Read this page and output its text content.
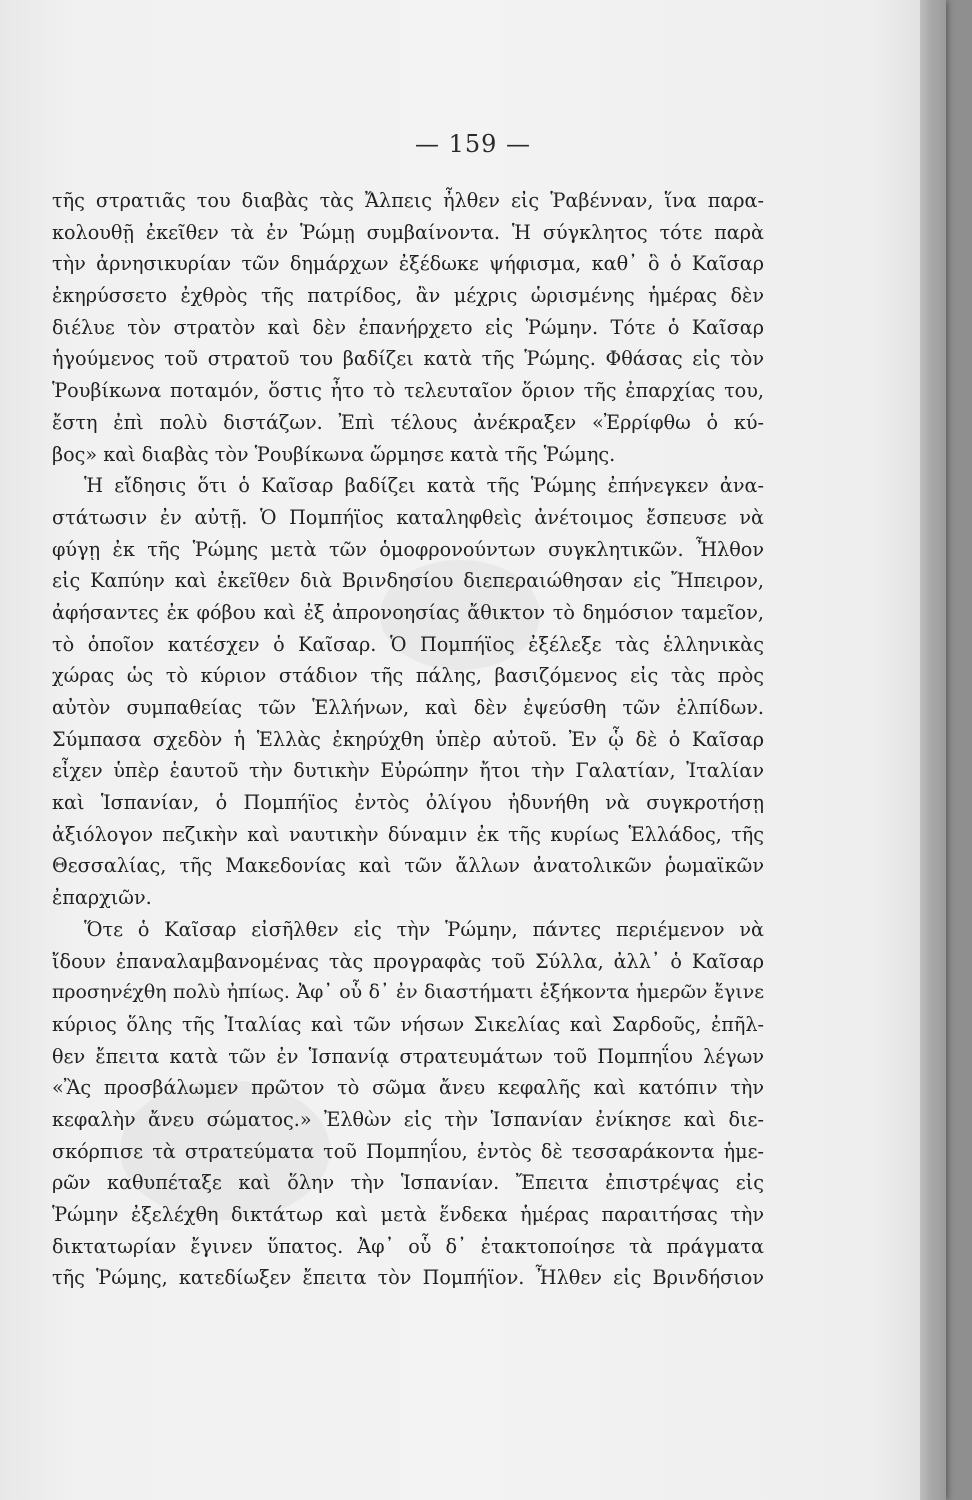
— 159 —
τῆς στρατιᾶς του διαβὰς τὰς Ἄλπεις ἦλθεν εἰς Ῥαβένναν, ἵνα παρα-
κολουθῇ ἐκεῖθεν τὰ ἐν Ῥώμῃ συμβαίνοντα. Ἡ σύγκλητος τότε παρὰ
τὴν ἀρνησικυρίαν τῶν δημάρχων ἐξέδωκε ψήφισμα, καθ᾽ ὃ ὁ Καῖσαρ
ἐκηρύσσετο ἐχθρὸς τῆς πατρίδος, ἂν μέχρις ὡρισμένης ἡμέρας δὲν
διέλυε τὸν στρατὸν καὶ δὲν ἐπανήρχετο εἰς Ῥώμην. Τότε ὁ Καῖσαρ
ἡγούμενος τοῦ στρατοῦ του βαδίζει κατὰ τῆς Ῥώμης. Φθάσας εἰς τὸν
Ῥουβίκωνα ποταμόν, ὅστις ἦτο τὸ τελευταῖον ὅριον τῆς ἐπαρχίας του,
ἔστη ἐπὶ πολὺ διστάζων. Ἐπὶ τέλους ἀνέκραξεν «Ἐρρίφθω ὁ κύ-
βος» καὶ διαβὰς τὸν Ῥουβίκωνα ὥρμησε κατὰ τῆς Ῥώμης.
Ἡ εἴδησις ὅτι ὁ Καῖσαρ βαδίζει κατὰ τῆς Ῥώμης ἐπήνεγκεν ἀνα-
στάτωσιν ἐν αὐτῇ. Ὁ Πομπήϊος καταληφθεὶς ἀνέτοιμος ἔσπευσε νὰ
φύγῃ ἐκ τῆς Ῥώμης μετὰ τῶν ὁμοφρονούντων συγκλητικῶν. Ἦλθον
εἰς Καπύην καὶ ἐκεῖθεν διὰ Βρινδησίου διεπεραιώθησαν εἰς Ἤπειρον,
ἀφήσαντες ἐκ φόβου καὶ ἐξ ἀπρονοησίας ἄθικτον τὸ δημόσιον ταμεῖον,
τὸ ὁποῖον κατέσχεν ὁ Καῖσαρ. Ὁ Πομπήϊος ἐξέλεξε τὰς ἑλληνικὰς
χώρας ὡς τὸ κύριον στάδιον τῆς πάλης, βασιζόμενος εἰς τὰς πρὸς
αὐτὸν συμπαθείας τῶν Ἑλλήνων, καὶ δὲν ἐψεύσθη τῶν ἐλπίδων.
Σύμπασα σχεδὸν ἡ Ἑλλὰς ἐκηρύχθη ὑπὲρ αὐτοῦ. Ἐν ᾧ δὲ ὁ Καῖσαρ
εἶχεν ὑπὲρ ἑαυτοῦ τὴν δυτικὴν Εὐρώπην ἤτοι τὴν Γαλατίαν, Ἰταλίαν
καὶ Ἱσπανίαν, ὁ Πομπήϊος ἐντὸς ὀλίγου ἠδυνήθη νὰ συγκροτήσῃ
ἀξιόλογον πεζικὴν καὶ ναυτικὴν δύναμιν ἐκ τῆς κυρίως Ἑλλάδος, τῆς
Θεσσαλίας, τῆς Μακεδονίας καὶ τῶν ἄλλων ἀνατολικῶν ῥωμαϊκῶν
ἐπαρχιῶν.
Ὅτε ὁ Καῖσαρ εἰσῆλθεν εἰς τὴν Ῥώμην, πάντες περιέμενον νὰ
ἴδουν ἐπαναλαμβανομένας τὰς προγραφὰς τοῦ Σύλλα, ἀλλ᾽ ὁ Καῖσαρ
προσηνέχθη πολὺ ἠπίως. Ἀφ᾽ οὗ δ᾽ ἐν διαστήματι ἑξήκοντα ἡμερῶν ἔγινε
κύριος ὅλης τῆς Ἰταλίας καὶ τῶν νήσων Σικελίας καὶ Σαρδοῦς, ἐπῆλ-
θεν ἔπειτα κατὰ τῶν ἐν Ἱσπανίᾳ στρατευμάτων τοῦ Πομπηΐου λέγων
«Ἂς προσβάλωμεν πρῶτον τὸ σῶμα ἄνευ κεφαλῆς καὶ κατόπιν τὴν
κεφαλὴν ἄνευ σώματος.» Ἐλθὼν εἰς τὴν Ἱσπανίαν ἐνίκησε καὶ διε-
σκόρπισε τὰ στρατεύματα τοῦ Πομπηΐου, ἐντὸς δὲ τεσσαράκοντα ἡμε-
ρῶν καθυπέταξε καὶ ὅλην τὴν Ἱσπανίαν. Ἔπειτα ἐπιστρέψας εἰς
Ῥώμην ἐξελέχθη δικτάτωρ καὶ μετὰ ἕνδεκα ἡμέρας παραιτήσας τὴν
δικτατωρίαν ἔγινεν ὕπατος. Ἀφ᾽ οὗ δ᾽ ἐτακτοποίησε τὰ πράγματα
τῆς Ῥώμης, κατεδίωξεν ἔπειτα τὸν Πομπήϊον. Ἦλθεν εἰς Βρινδήσιον
